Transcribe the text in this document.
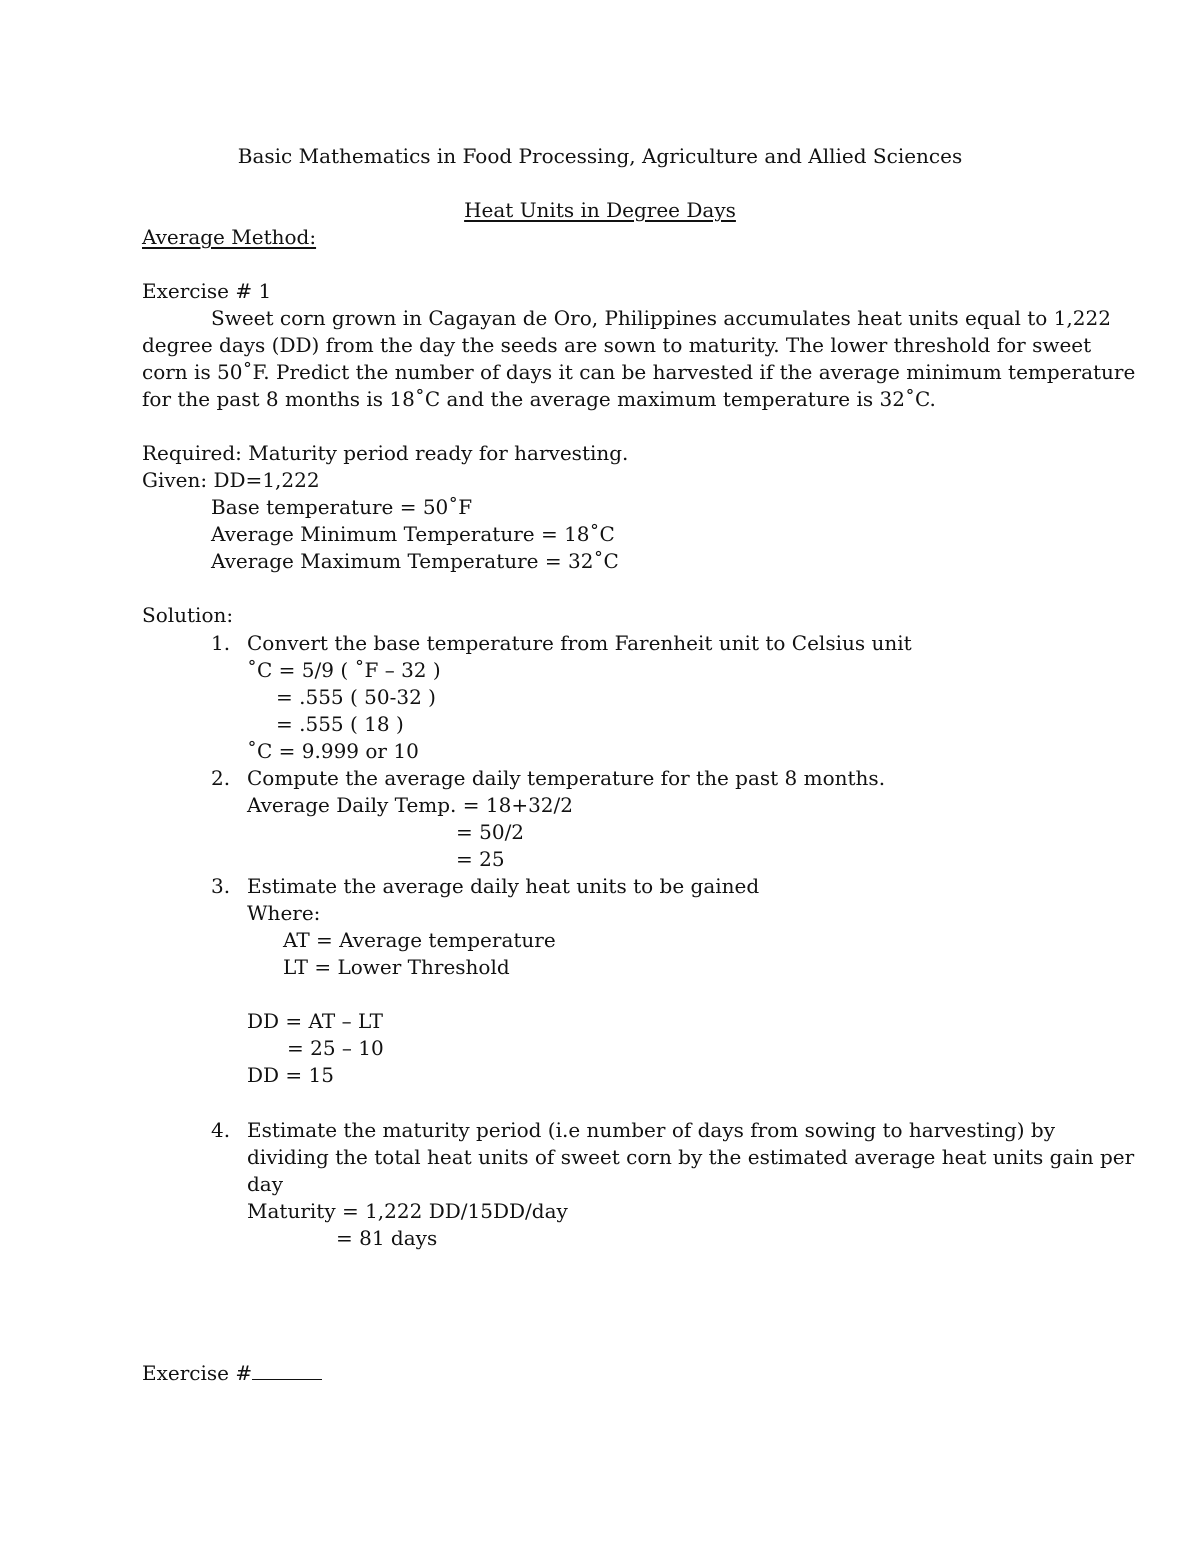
Basic Mathematics in Food Processing, Agriculture and Allied Sciences
Heat Units in Degree Days
Average Method:
Exercise # 1
Sweet corn grown in Cagayan de Oro, Philippines accumulates heat units equal to 1,222
degree days (DD) from the day the seeds are sown to maturity. The lower threshold for sweet
corn is 50˚F. Predict the number of days it can be harvested if the average minimum temperature
for the past 8 months is 18˚C and the average maximum temperature is 32˚C.
Required: Maturity period ready for harvesting.
Given: DD=1,222
Base temperature = 50˚F
Average Minimum Temperature = 18˚C
Average Maximum Temperature = 32˚C
Solution:
1. Convert the base temperature from Farenheit unit to Celsius unit
˚C = 5/9 ( ˚F – 32 )
= .555 ( 50-32 )
= .555 ( 18 )
˚C = 9.999 or 10
2. Compute the average daily temperature for the past 8 months.
Average Daily Temp. = 18+32/2
= 50/2
= 25
3. Estimate the average daily heat units to be gained
Where:
AT = Average temperature
LT = Lower Threshold
DD = AT – LT
= 25 – 10
DD = 15
4. Estimate the maturity period (i.e number of days from sowing to harvesting) by
dividing the total heat units of sweet corn by the estimated average heat units gain per
day
Maturity = 1,222 DD/15DD/day
= 81 days
Exercise #
